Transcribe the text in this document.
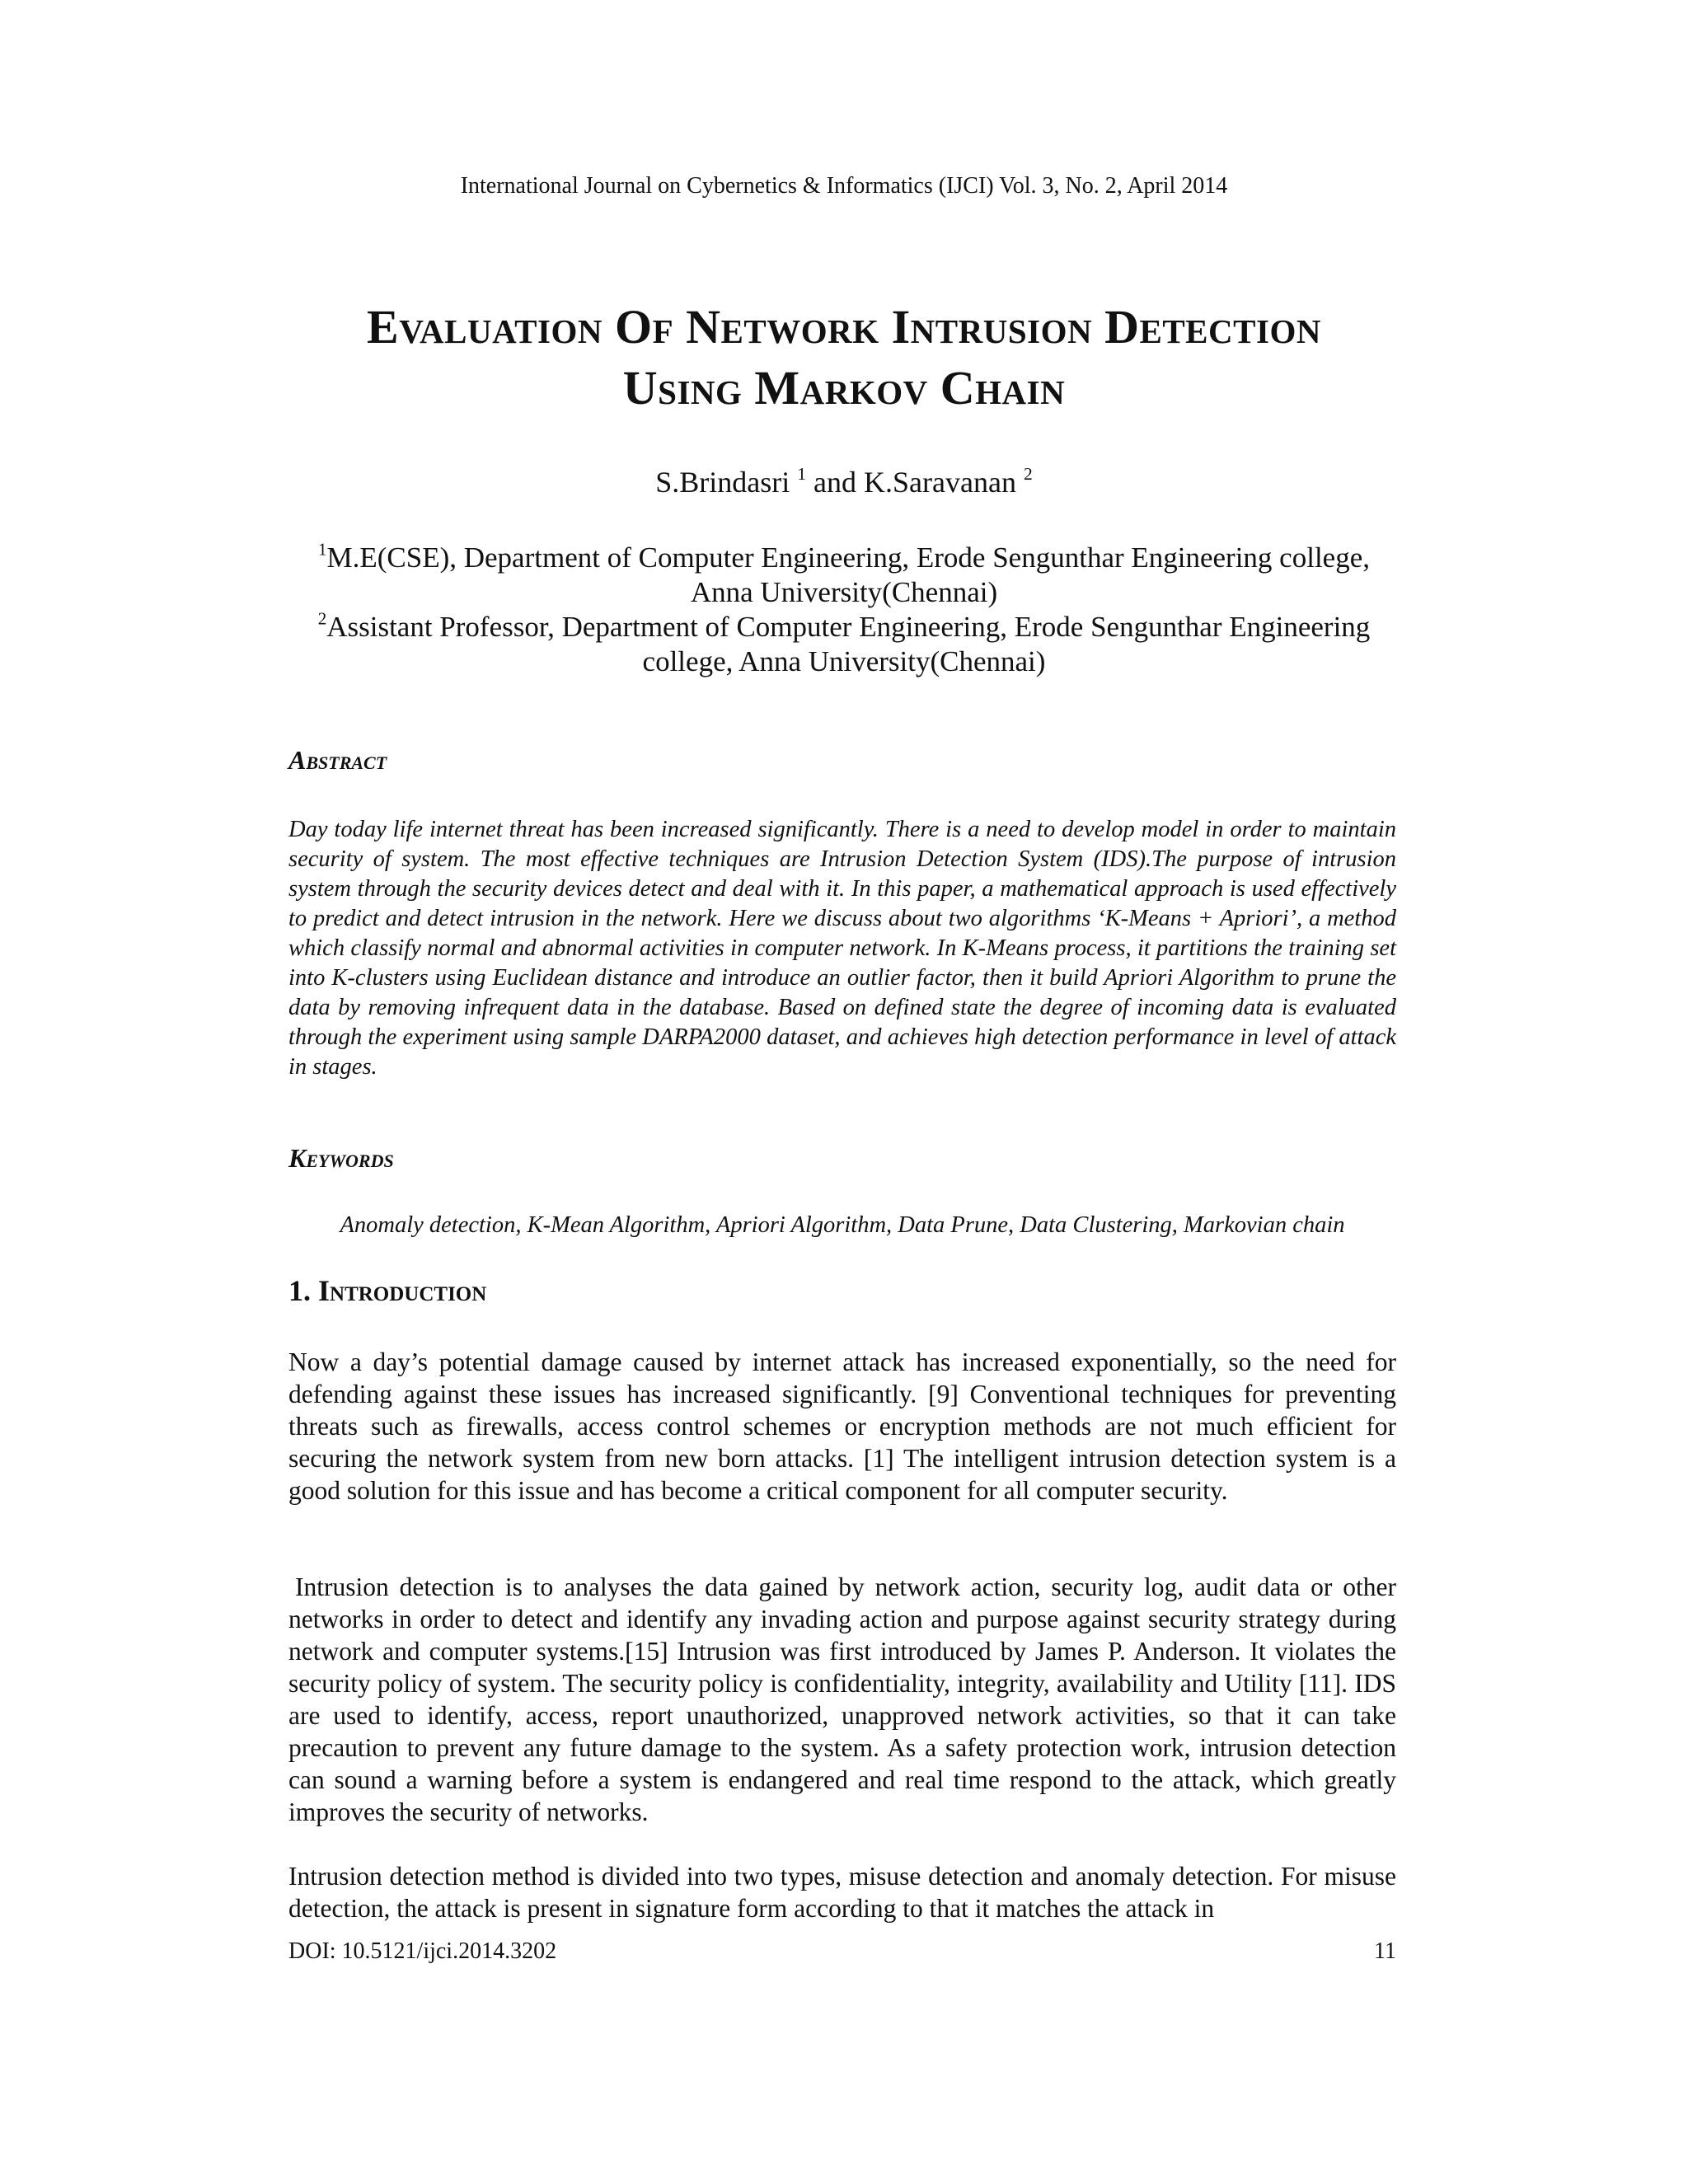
International Journal on Cybernetics & Informatics (IJCI) Vol. 3, No. 2, April 2014
Evaluation Of Network Intrusion Detection
Using Markov Chain
S.Brindasri $^1$ and K.Saravanan $^2$
$^1$M.E(CSE), Department of Computer Engineering, Erode Sengunthar Engineering college, Anna University(Chennai)
$^2$Assistant Professor, Department of Computer Engineering, Erode Sengunthar Engineering college, Anna University(Chennai)
Abstract
Day today life internet threat has been increased significantly. There is a need to develop model in order to maintain security of system. The most effective techniques are Intrusion Detection System (IDS).The purpose of intrusion system through the security devices detect and deal with it. In this paper, a mathematical approach is used effectively to predict and detect intrusion in the network. Here we discuss about two algorithms ‘K-Means + Apriori’, a method which classify normal and abnormal activities in computer network. In K-Means process, it partitions the training set into K-clusters using Euclidean distance and introduce an outlier factor, then it build Apriori Algorithm to prune the data by removing infrequent data in the database. Based on defined state the degree of incoming data is evaluated through the experiment using sample DARPA2000 dataset, and achieves high detection performance in level of attack in stages.
Keywords
Anomaly detection, K-Mean Algorithm, Apriori Algorithm, Data Prune, Data Clustering, Markovian chain
1. Introduction
Now a day’s potential damage caused by internet attack has increased exponentially, so the need for defending against these issues has increased significantly. [9] Conventional techniques for preventing threats such as firewalls, access control schemes or encryption methods are not much efficient for securing the network system from new born attacks. [1] The intelligent intrusion detection system is a good solution for this issue and has become a critical component for all computer security.
Intrusion detection is to analyses the data gained by network action, security log, audit data or other networks in order to detect and identify any invading action and purpose against security strategy during network and computer systems.[15] Intrusion was first introduced by James P. Anderson. It violates the security policy of system. The security policy is confidentiality, integrity, availability and Utility [11]. IDS are used to identify, access, report unauthorized, unapproved network activities, so that it can take precaution to prevent any future damage to the system. As a safety protection work, intrusion detection can sound a warning before a system is endangered and real time respond to the attack, which greatly improves the security of networks.
Intrusion detection method is divided into two types, misuse detection and anomaly detection. For misuse detection, the attack is present in signature form according to that it matches the attack in
DOI: 10.5121/ijci.2014.3202	11
